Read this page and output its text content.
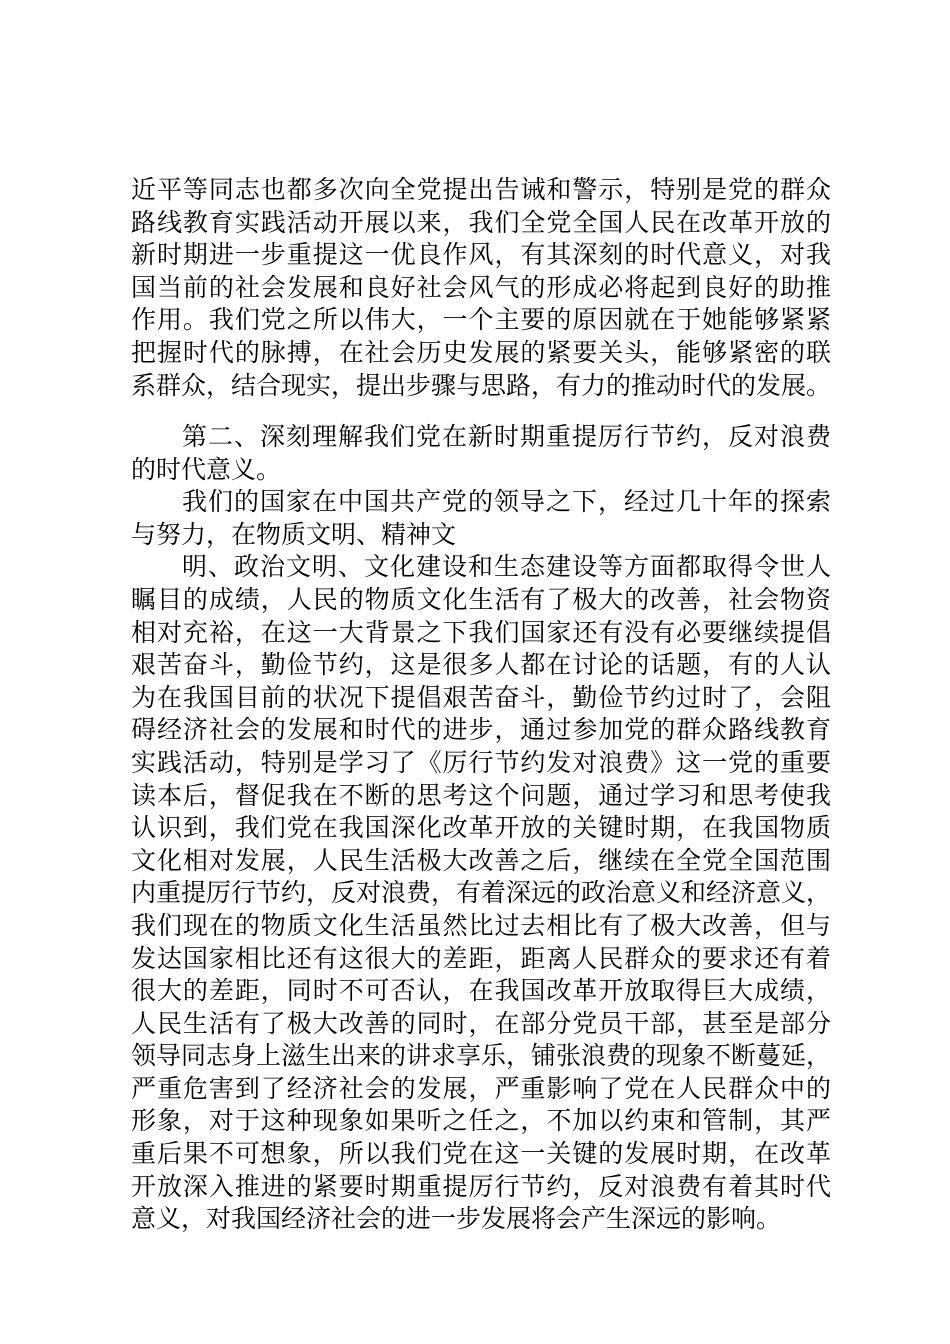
近平等同志也都多次向全党提出告诫和警示，特别是党的群众
路线教育实践活动开展以来，我们全党全国人民在改革开放的
新时期进一步重提这一优良作风，有其深刻的时代意义，对我
国当前的社会发展和良好社会风气的形成必将起到良好的助推
作用。我们党之所以伟大，一个主要的原因就在于她能够紧紧
把握时代的脉搏，在社会历史发展的紧要关头，能够紧密的联
系群众，结合现实，提出步骤与思路，有力的推动时代的发展。
第二、深刻理解我们党在新时期重提厉行节约，反对浪费
的时代意义。
我们的国家在中国共产党的领导之下，经过几十年的探索
与努力，在物质文明、精神文
明、政治文明、文化建设和生态建设等方面都取得令世人
瞩目的成绩，人民的物质文化生活有了极大的改善，社会物资
相对充裕，在这一大背景之下我们国家还有没有必要继续提倡
艰苦奋斗，勤俭节约，这是很多人都在讨论的话题，有的人认
为在我国目前的状况下提倡艰苦奋斗，勤俭节约过时了，会阻
碍经济社会的发展和时代的进步，通过参加党的群众路线教育
实践活动，特别是学习了《厉行节约发对浪费》这一党的重要
读本后，督促我在不断的思考这个问题，通过学习和思考使我
认识到，我们党在我国深化改革开放的关键时期，在我国物质
文化相对发展，人民生活极大改善之后，继续在全党全国范围
内重提厉行节约，反对浪费，有着深远的政治意义和经济意义，
我们现在的物质文化生活虽然比过去相比有了极大改善，但与
发达国家相比还有这很大的差距，距离人民群众的要求还有着
很大的差距，同时不可否认，在我国改革开放取得巨大成绩，
人民生活有了极大改善的同时，在部分党员干部，甚至是部分
领导同志身上滋生出来的讲求享乐，铺张浪费的现象不断蔓延，
严重危害到了经济社会的发展，严重影响了党在人民群众中的
形象，对于这种现象如果听之任之，不加以约束和管制，其严
重后果不可想象，所以我们党在这一关键的发展时期，在改革
开放深入推进的紧要时期重提厉行节约，反对浪费有着其时代
意义，对我国经济社会的进一步发展将会产生深远的影响。
